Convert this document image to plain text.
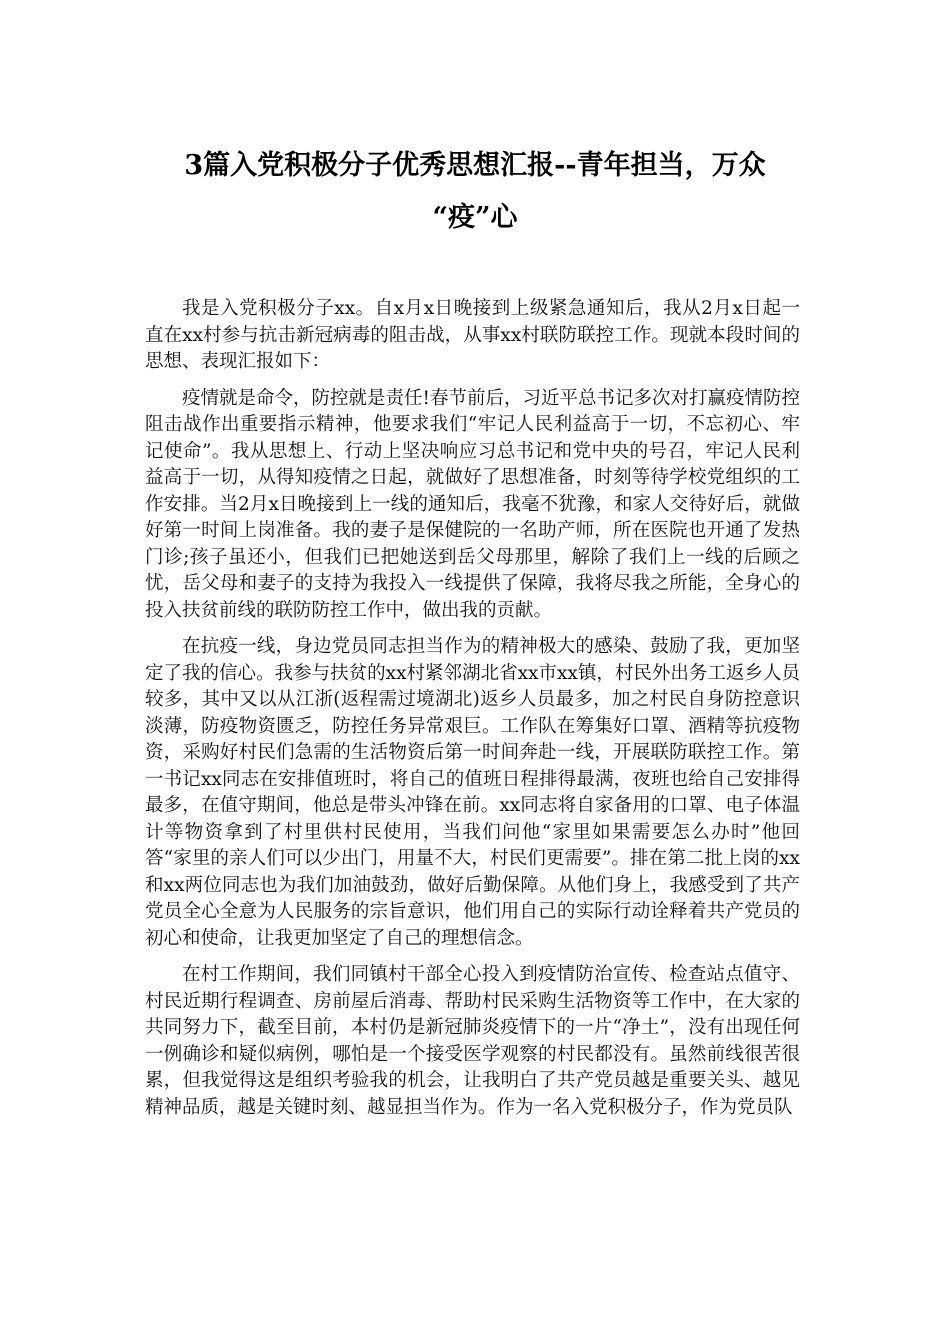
3篇入党积极分子优秀思想汇报--青年担当，万众
“疫”心

我是入党积极分子xx。自x月x日晚接到上级紧急通知后，我从2月x日起一直在xx村参与抗击新冠病毒的阻击战，从事xx村联防联控工作。现就本段时间的思想、表现汇报如下：

疫情就是命令，防控就是责任!春节前后，习近平总书记多次对打赢疫情防控阻击战作出重要指示精神，他要求我们“牢记人民利益高于一切，不忘初心、牢记使命”。我从思想上、行动上坚决响应习总书记和党中央的号召，牢记人民利益高于一切，从得知疫情之日起，就做好了思想准备，时刻等待学校党组织的工作安排。当2月x日晚接到上一线的通知后，我毫不犹豫，和家人交待好后，就做好第一时间上岗准备。我的妻子是保健院的一名助产师，所在医院也开通了发热门诊;孩子虽还小，但我们已把她送到岳父母那里，解除了我们上一线的后顾之忧，岳父母和妻子的支持为我投入一线提供了保障，我将尽我之所能，全身心的投入扶贫前线的联防防控工作中，做出我的贡献。

在抗疫一线，身边党员同志担当作为的精神极大的感染、鼓励了我，更加坚定了我的信心。我参与扶贫的xx村紧邻湖北省xx市xx镇，村民外出务工返乡人员较多，其中又以从江浙(返程需过境湖北)返乡人员最多，加之村民自身防控意识淡薄，防疫物资匮乏，防控任务异常艰巨。工作队在筹集好口罩、酒精等抗疫物资，采购好村民们急需的生活物资后第一时间奔赴一线，开展联防联控工作。第一书记xx同志在安排值班时，将自己的值班日程排得最满，夜班也给自己安排得最多，在值守期间，他总是带头冲锋在前。xx同志将自家备用的口罩、电子体温计等物资拿到了村里供村民使用，当我们问他“家里如果需要怎么办时”他回答“家里的亲人们可以少出门，用量不大，村民们更需要”。排在第二批上岗的xx和xx两位同志也为我们加油鼓劲，做好后勤保障。从他们身上，我感受到了共产党员全心全意为人民服务的宗旨意识，他们用自己的实际行动诠释着共产党员的初心和使命，让我更加坚定了自己的理想信念。

在村工作期间，我们同镇村干部全心投入到疫情防治宣传、检查站点值守、村民近期行程调查、房前屋后消毒、帮助村民采购生活物资等工作中，在大家的共同努力下，截至目前，本村仍是新冠肺炎疫情下的一片“净土”，没有出现任何一例确诊和疑似病例，哪怕是一个接受医学观察的村民都没有。虽然前线很苦很累，但我觉得这是组织考验我的机会，让我明白了共产党员越是重要关头、越见精神品质，越是关键时刻、越显担当作为。作为一名入党积极分子，作为党员队
